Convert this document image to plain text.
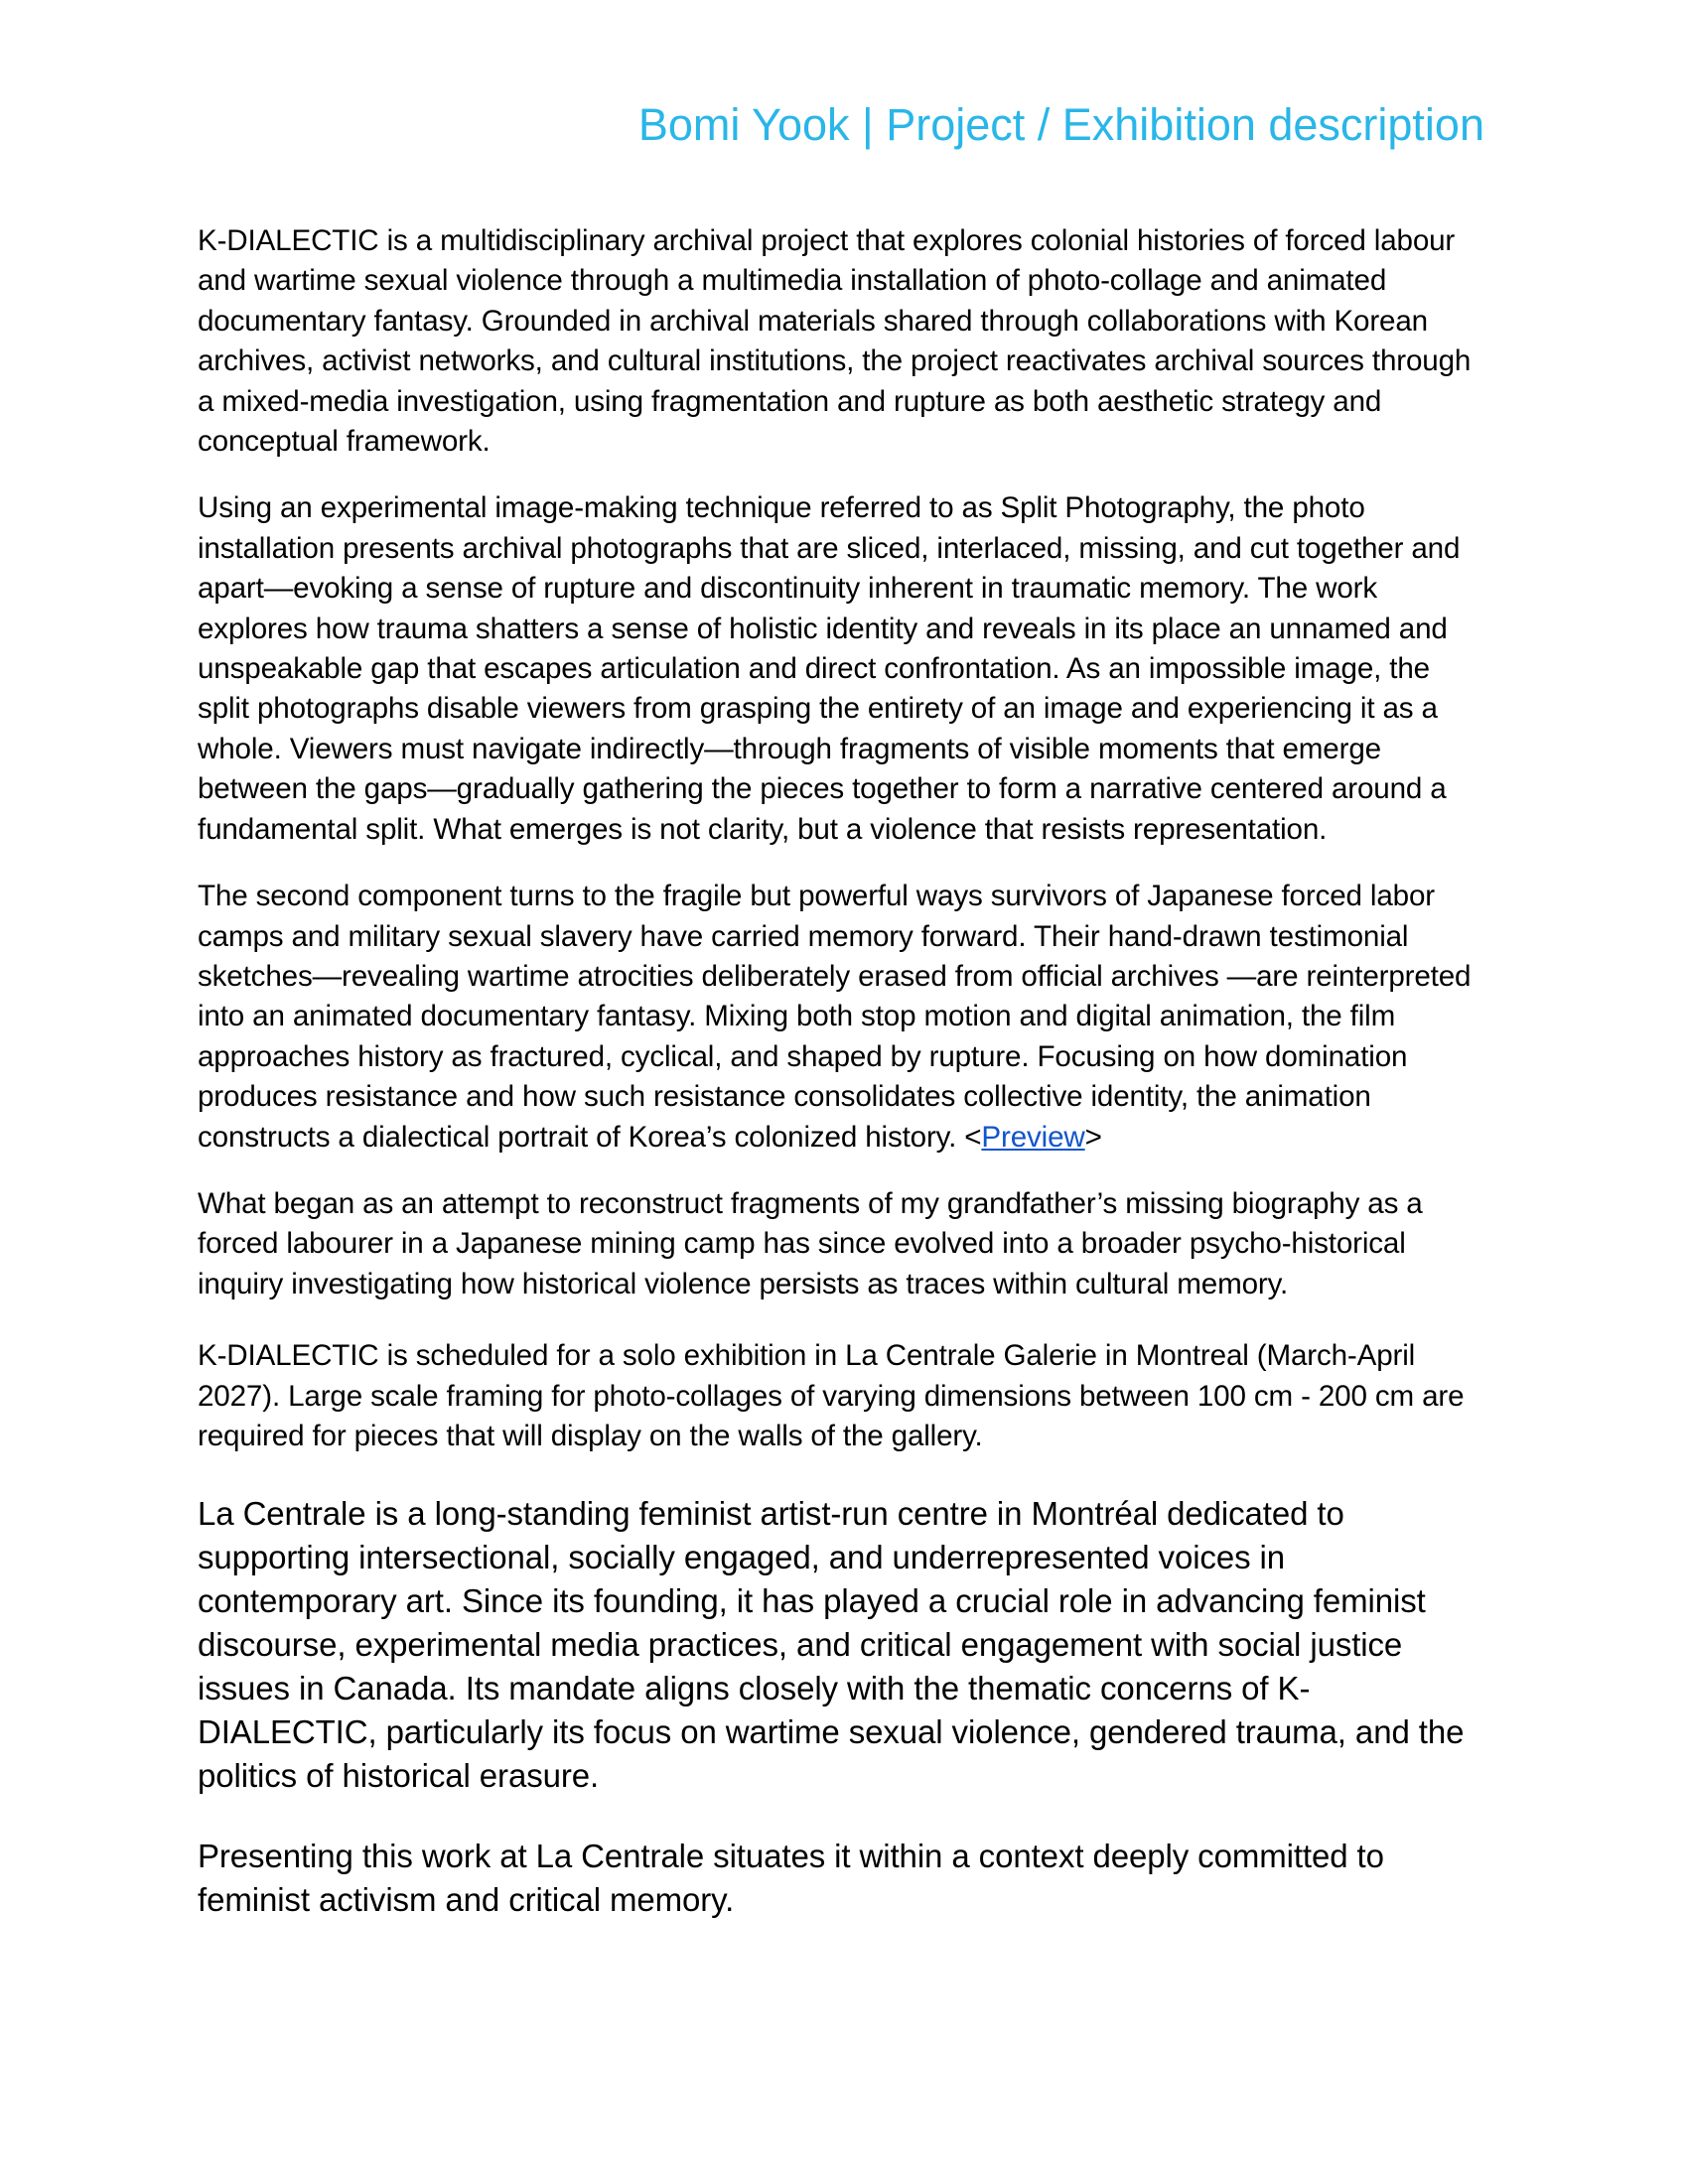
Bomi Yook | Project / Exhibition description

K-DIALECTIC is a multidisciplinary archival project that explores colonial histories of forced labour and wartime sexual violence through a multimedia installation of photo-collage and animated documentary fantasy. Grounded in archival materials shared through collaborations with Korean archives, activist networks, and cultural institutions, the project reactivates archival sources through a mixed-media investigation, using fragmentation and rupture as both aesthetic strategy and conceptual framework.

Using an experimental image-making technique referred to as Split Photography, the photo installation presents archival photographs that are sliced, interlaced, missing, and cut together and apart—evoking a sense of rupture and discontinuity inherent in traumatic memory. The work explores how trauma shatters a sense of holistic identity and reveals in its place an unnamed and unspeakable gap that escapes articulation and direct confrontation. As an impossible image, the split photographs disable viewers from grasping the entirety of an image and experiencing it as a whole. Viewers must navigate indirectly—through fragments of visible moments that emerge between the gaps—gradually gathering the pieces together to form a narrative centered around a fundamental split. What emerges is not clarity, but a violence that resists representation.

The second component turns to the fragile but powerful ways survivors of Japanese forced labor camps and military sexual slavery have carried memory forward. Their hand-drawn testimonial sketches—revealing wartime atrocities deliberately erased from official archives —are reinterpreted into an animated documentary fantasy. Mixing both stop motion and digital animation, the film approaches history as fractured, cyclical, and shaped by rupture. Focusing on how domination produces resistance and how such resistance consolidates collective identity, the animation constructs a dialectical portrait of Korea’s colonized history. <Preview>

What began as an attempt to reconstruct fragments of my grandfather’s missing biography as a forced labourer in a Japanese mining camp has since evolved into a broader psycho-historical inquiry investigating how historical violence persists as traces within cultural memory.

K-DIALECTIC is scheduled for a solo exhibition in La Centrale Galerie in Montreal (March-April 2027). Large scale framing for photo-collages of varying dimensions between 100 cm - 200 cm are required for pieces that will display on the walls of the gallery.

La Centrale is a long-standing feminist artist-run centre in Montréal dedicated to supporting intersectional, socially engaged, and underrepresented voices in contemporary art. Since its founding, it has played a crucial role in advancing feminist discourse, experimental media practices, and critical engagement with social justice issues in Canada. Its mandate aligns closely with the thematic concerns of K-DIALECTIC, particularly its focus on wartime sexual violence, gendered trauma, and the politics of historical erasure.

Presenting this work at La Centrale situates it within a context deeply committed to feminist activism and critical memory.
